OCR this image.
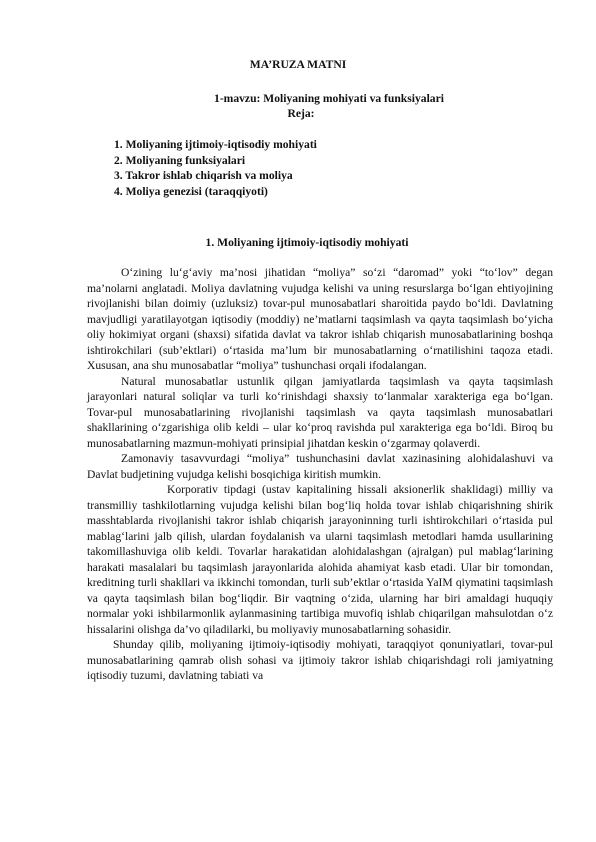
MA’RUZA MATNI
1-mavzu: Moliyaning mohiyati va funksiyalari
Reja:
1. Moliyaning ijtimoiy-iqtisodiy mohiyati
2. Moliyaning funksiyalari
3. Takror ishlab chiqarish va moliya
4. Moliya genezisi (taraqqiyoti)
1. Moliyaning ijtimoiy-iqtisodiy mohiyati

O‘zining lu‘g‘aviy ma’nosi jihatidan “moliya” so‘zi “daromad” yoki “to‘lov” degan ma’nolarni anglatadi. Moliya davlatning vujudga kelishi va uning resurslarga bo‘lgan ehtiyojining rivojlanishi bilan doimiy (uzluksiz) tovar-pul munosabatlari sharoitida paydo bo‘ldi. Davlatning mavjudligi yaratilayotgan iqtisodiy (moddiy) ne’matlarni taqsimlash va qayta taqsimlash bo‘yicha oliy hokimiyat organi (shaxsi) sifatida davlat va takror ishlab chiqarish munosabatlarining boshqa ishtirokchilari (sub’ektlari) o‘rtasida ma’lum bir munosabatlarning o‘rnatilishini taqoza etadi. Xususan, ana shu munosabatlar “moliya” tushunchasi orqali ifodalangan.

Natural munosabatlar ustunlik qilgan jamiyatlarda taqsimlash va qayta taqsimlash jarayonlari natural soliqlar va turli ko‘rinishdagi shaxsiy to‘lanmalar xarakteriga ega bo‘lgan. Tovar-pul munosabatlarining rivojlanishi taqsimlash va qayta taqsimlash munosabatlari shakllarining o‘zgarishiga olib keldi – ular ko‘proq ravishda pul xarakteriga ega bo‘ldi. Biroq bu munosabatlarning mazmun-mohiyati prinsipial jihatdan keskin o‘zgarmay qolaverdi.

Zamonaviy tasavvurdagi “moliya” tushunchasini davlat xazinasining alohidalashuvi va Davlat budjetining vujudga kelishi bosqichiga kiritish mumkin.

Korporativ tipdagi (ustav kapitalining hissali aksionerlik shaklidagi) milliy va transmilliy tashkilotlarning vujudga kelishi bilan bog‘liq holda tovar ishlab chiqarishning shirik masshtablarda rivojlanishi takror ishlab chiqarish jarayoninning turli ishtirokchilari o‘rtasida pul mablag‘larini jalb qilish, ulardan foydalanish va ularni taqsimlash metodlari hamda usullarining takomillashuviga olib keldi. Tovarlar harakatidan alohidalashgan (ajralgan) pul mablag‘larining harakati masalalari bu taqsimlash jarayonlarida alohida ahamiyat kasb etadi. Ular bir tomondan, kreditning turli shakllari va ikkinchi tomondan, turli sub’ektlar o‘rtasida YaIM qiymatini taqsimlash va qayta taqsimlash bilan bog‘liqdir. Bir vaqtning o‘zida, ularning har biri amaldagi huquqiy normalar yoki ishbilarmonlik aylanmasining tartibiga muvofiq ishlab chiqarilgan mahsulotdan o‘z hissalarini olishga da’vo qiladilarki, bu moliyaviy munosabatlarning sohasidir.

Shunday qilib, moliyaning ijtimoiy-iqtisodiy mohiyati, taraqqiyot qonuniyatlari, tovar-pul munosabatlarining qamrab olish sohasi va ijtimoiy takror ishlab chiqarishdagi roli jamiyatning iqtisodiy tuzumi, davlatning tabiati va
